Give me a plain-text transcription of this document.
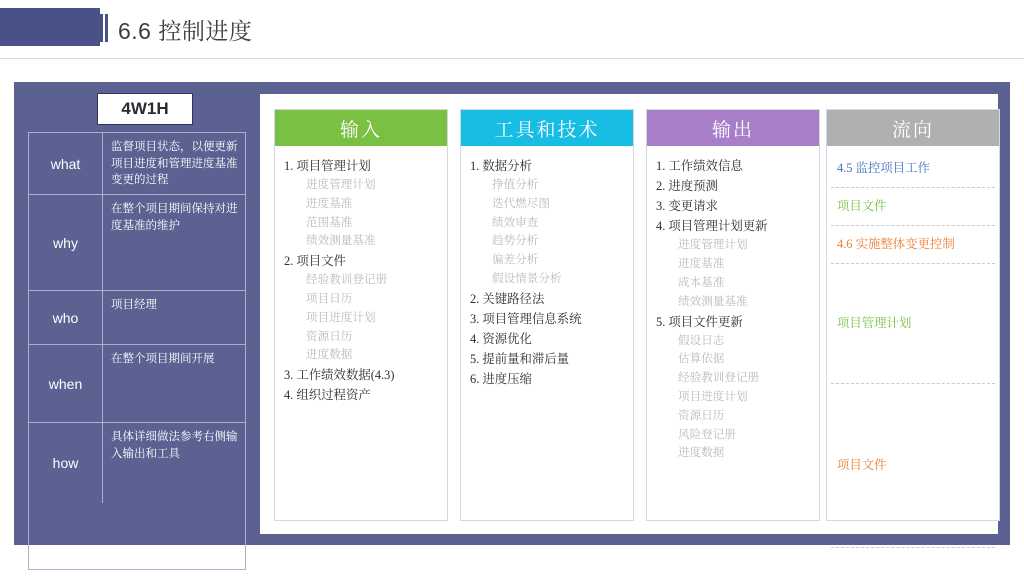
6.6 控制进度
4W1H
what
监督项目状态，以便更新项目进度和管理进度基准变更的过程
why
在整个项目期间保持对进度基准的维护
who
项目经理
when
在整个项目期间开展
how
具体详细做法参考右侧输入输出和工具
输入
1. 项目管理计划
进度管理计划
进度基准
范围基准
绩效测量基准
2. 项目文件
经验教训登记册
项目日历
项目进度计划
资源日历
进度数据
3. 工作绩效数据(4.3)
4. 组织过程资产
工具和技术
1. 数据分析
挣值分析
迭代燃尽图
绩效审查
趋势分析
偏差分析
假设情景分析
2. 关键路径法
3. 项目管理信息系统
4. 资源优化
5. 提前量和滞后量
6. 进度压缩
输出
1. 工作绩效信息
2. 进度预测
3. 变更请求
4. 项目管理计划更新
进度管理计划
进度基准
成本基准
绩效测量基准
5. 项目文件更新
假设日志
估算依据
经验教训登记册
项目进度计划
资源日历
风险登记册
进度数据
流向
4.5 监控项目工作
项目文件
4.6 实施整体变更控制
项目管理计划
项目文件
